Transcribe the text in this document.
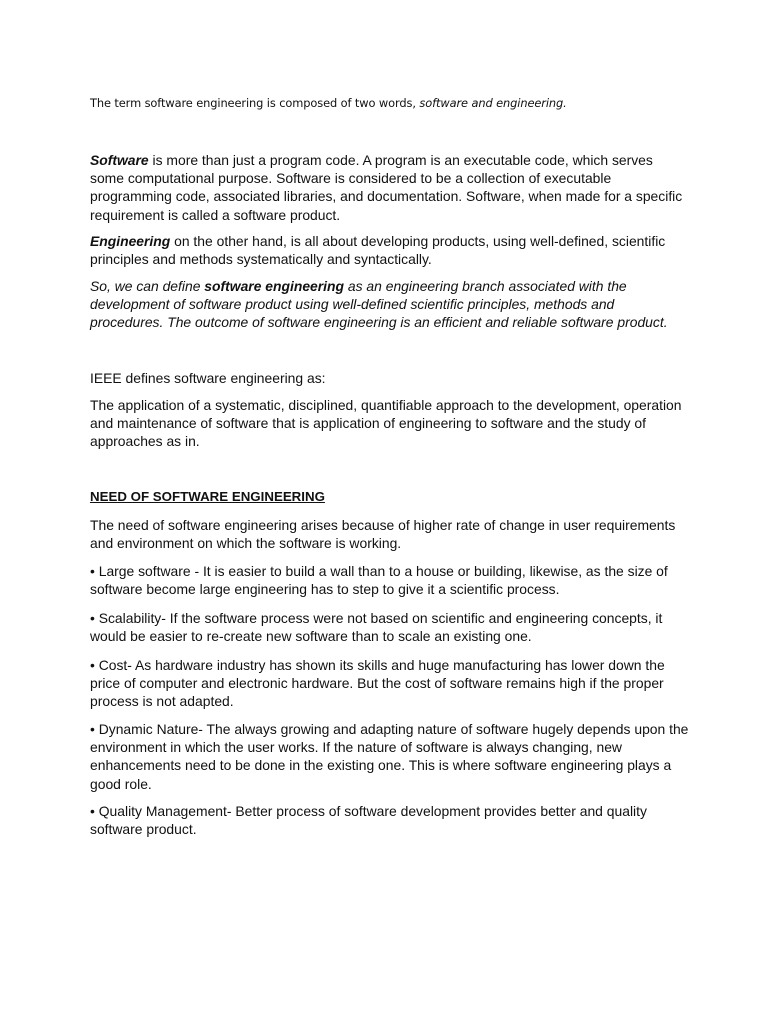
The term software engineering is composed of two words, software and engineering.

Software is more than just a program code. A program is an executable code, which serves some computational purpose. Software is considered to be a collection of executable programming code, associated libraries, and documentation. Software, when made for a specific requirement is called a software product.

Engineering on the other hand, is all about developing products, using well-defined, scientific principles and methods systematically and syntactically.

So, we can define software engineering as an engineering branch associated with the development of software product using well-defined scientific principles, methods and procedures. The outcome of software engineering is an efficient and reliable software product.

IEEE defines software engineering as:

The application of a systematic, disciplined, quantifiable approach to the development, operation and maintenance of software that is application of engineering to software and the study of approaches as in.

NEED OF SOFTWARE ENGINEERING

The need of software engineering arises because of higher rate of change in user requirements and environment on which the software is working.

• Large software - It is easier to build a wall than to a house or building, likewise, as the size of software become large engineering has to step to give it a scientific process.

• Scalability- If the software process were not based on scientific and engineering concepts, it would be easier to re-create new software than to scale an existing one.

• Cost- As hardware industry has shown its skills and huge manufacturing has lower down the price of computer and electronic hardware. But the cost of software remains high if the proper process is not adapted.

• Dynamic Nature- The always growing and adapting nature of software hugely depends upon the environment in which the user works. If the nature of software is always changing, new enhancements need to be done in the existing one. This is where software engineering plays a good role.

• Quality Management- Better process of software development provides better and quality software product.
